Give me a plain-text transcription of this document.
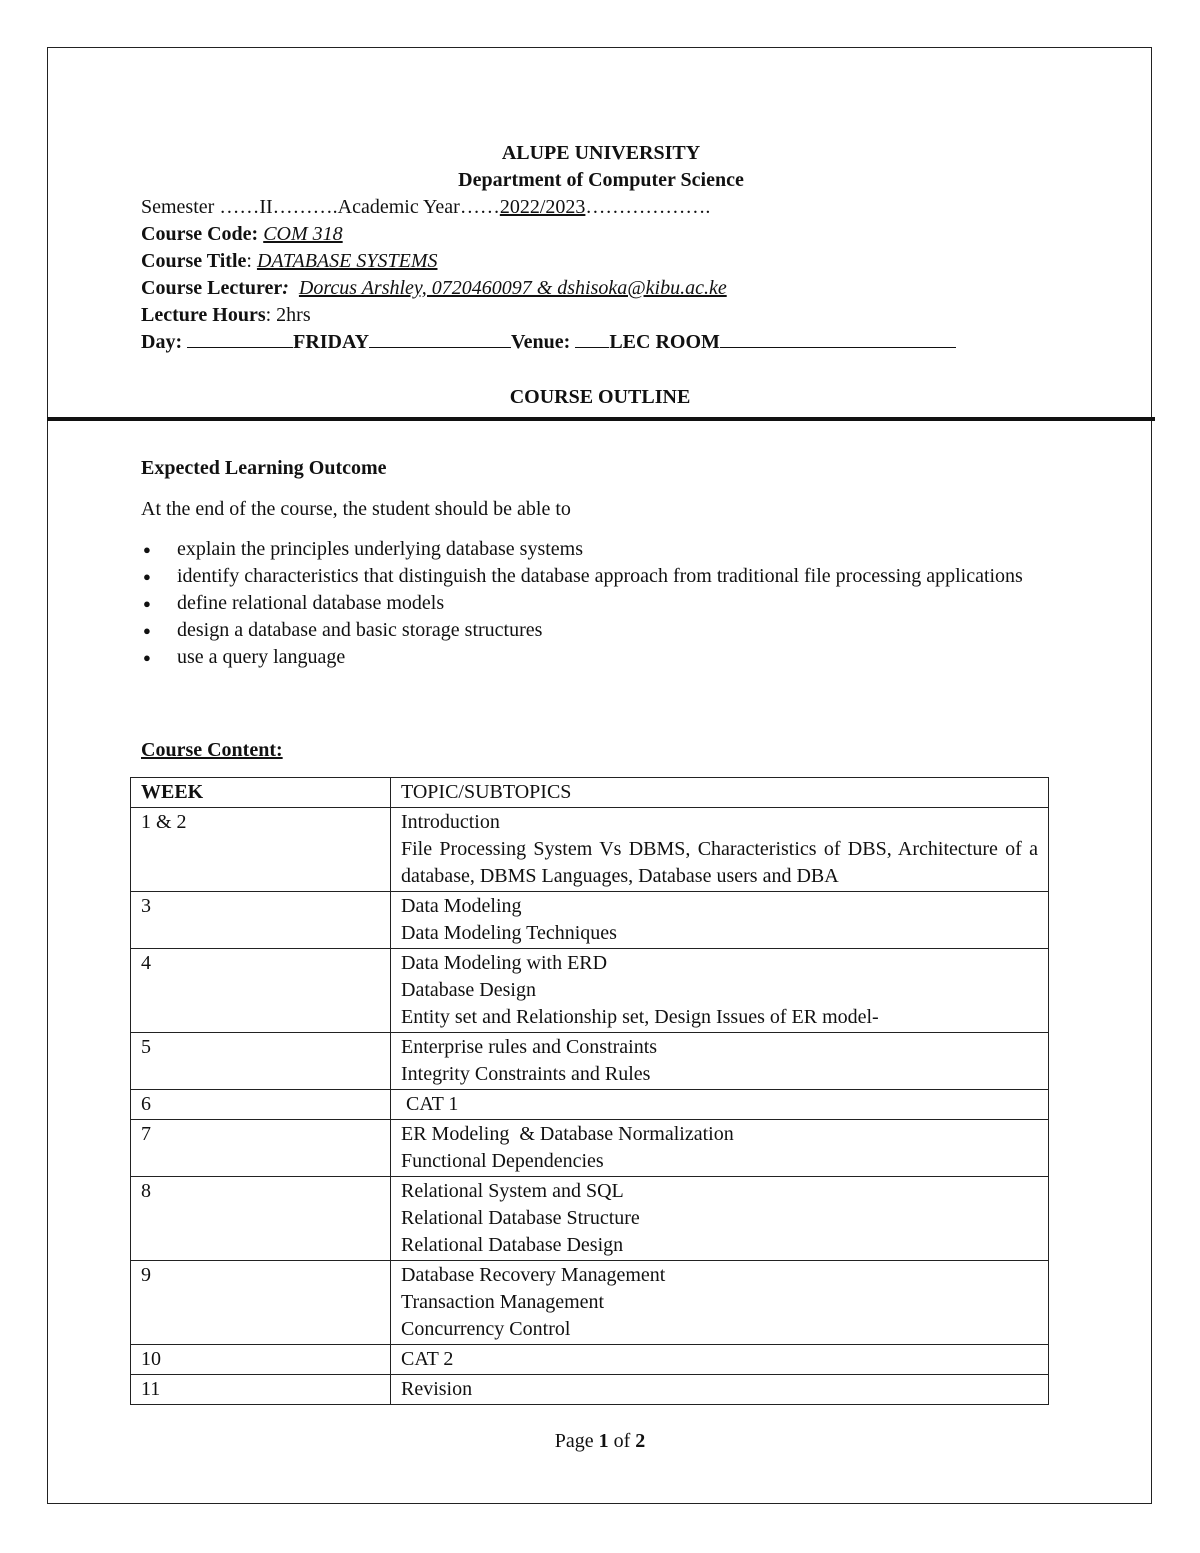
ALUPE UNIVERSITY
Department of Computer Science
Semester ……II……….Academic Year……2022/2023……………….
Course Code: COM 318
Course Title: DATABASE SYSTEMS
Course Lecturer: Dorcus Arshley, 0720460097 & dshisoka@kibu.ac.ke
Lecture Hours: 2hrs
Day:	FRIDAY	Venue: LEC ROOM
COURSE OUTLINE
Expected Learning Outcome
At the end of the course, the student should be able to
● explain the principles underlying database systems
● identify characteristics that distinguish the database approach from traditional file processing applications
● define relational database models
● design a database and basic storage structures
● use a query language
Course Content:
WEEK	TOPIC/SUBTOPICS
1 & 2	Introduction
File Processing System Vs DBMS, Characteristics of DBS, Architecture of a database, DBMS Languages, Database users and DBA

3	Data Modeling
Data Modeling Techniques

4	Data Modeling with ERD
Database Design
Entity set and Relationship set, Design Issues of ER model-

5	Enterprise rules and Constraints
Integrity Constraints and Rules

6	CAT 1

7	ER Modeling  & Database Normalization
Functional Dependencies

8	Relational System and SQL
Relational Database Structure
Relational Database Design

9	Database Recovery Management
Transaction Management
Concurrency Control

10	CAT 2

11	Revision
Page 1 of 2
